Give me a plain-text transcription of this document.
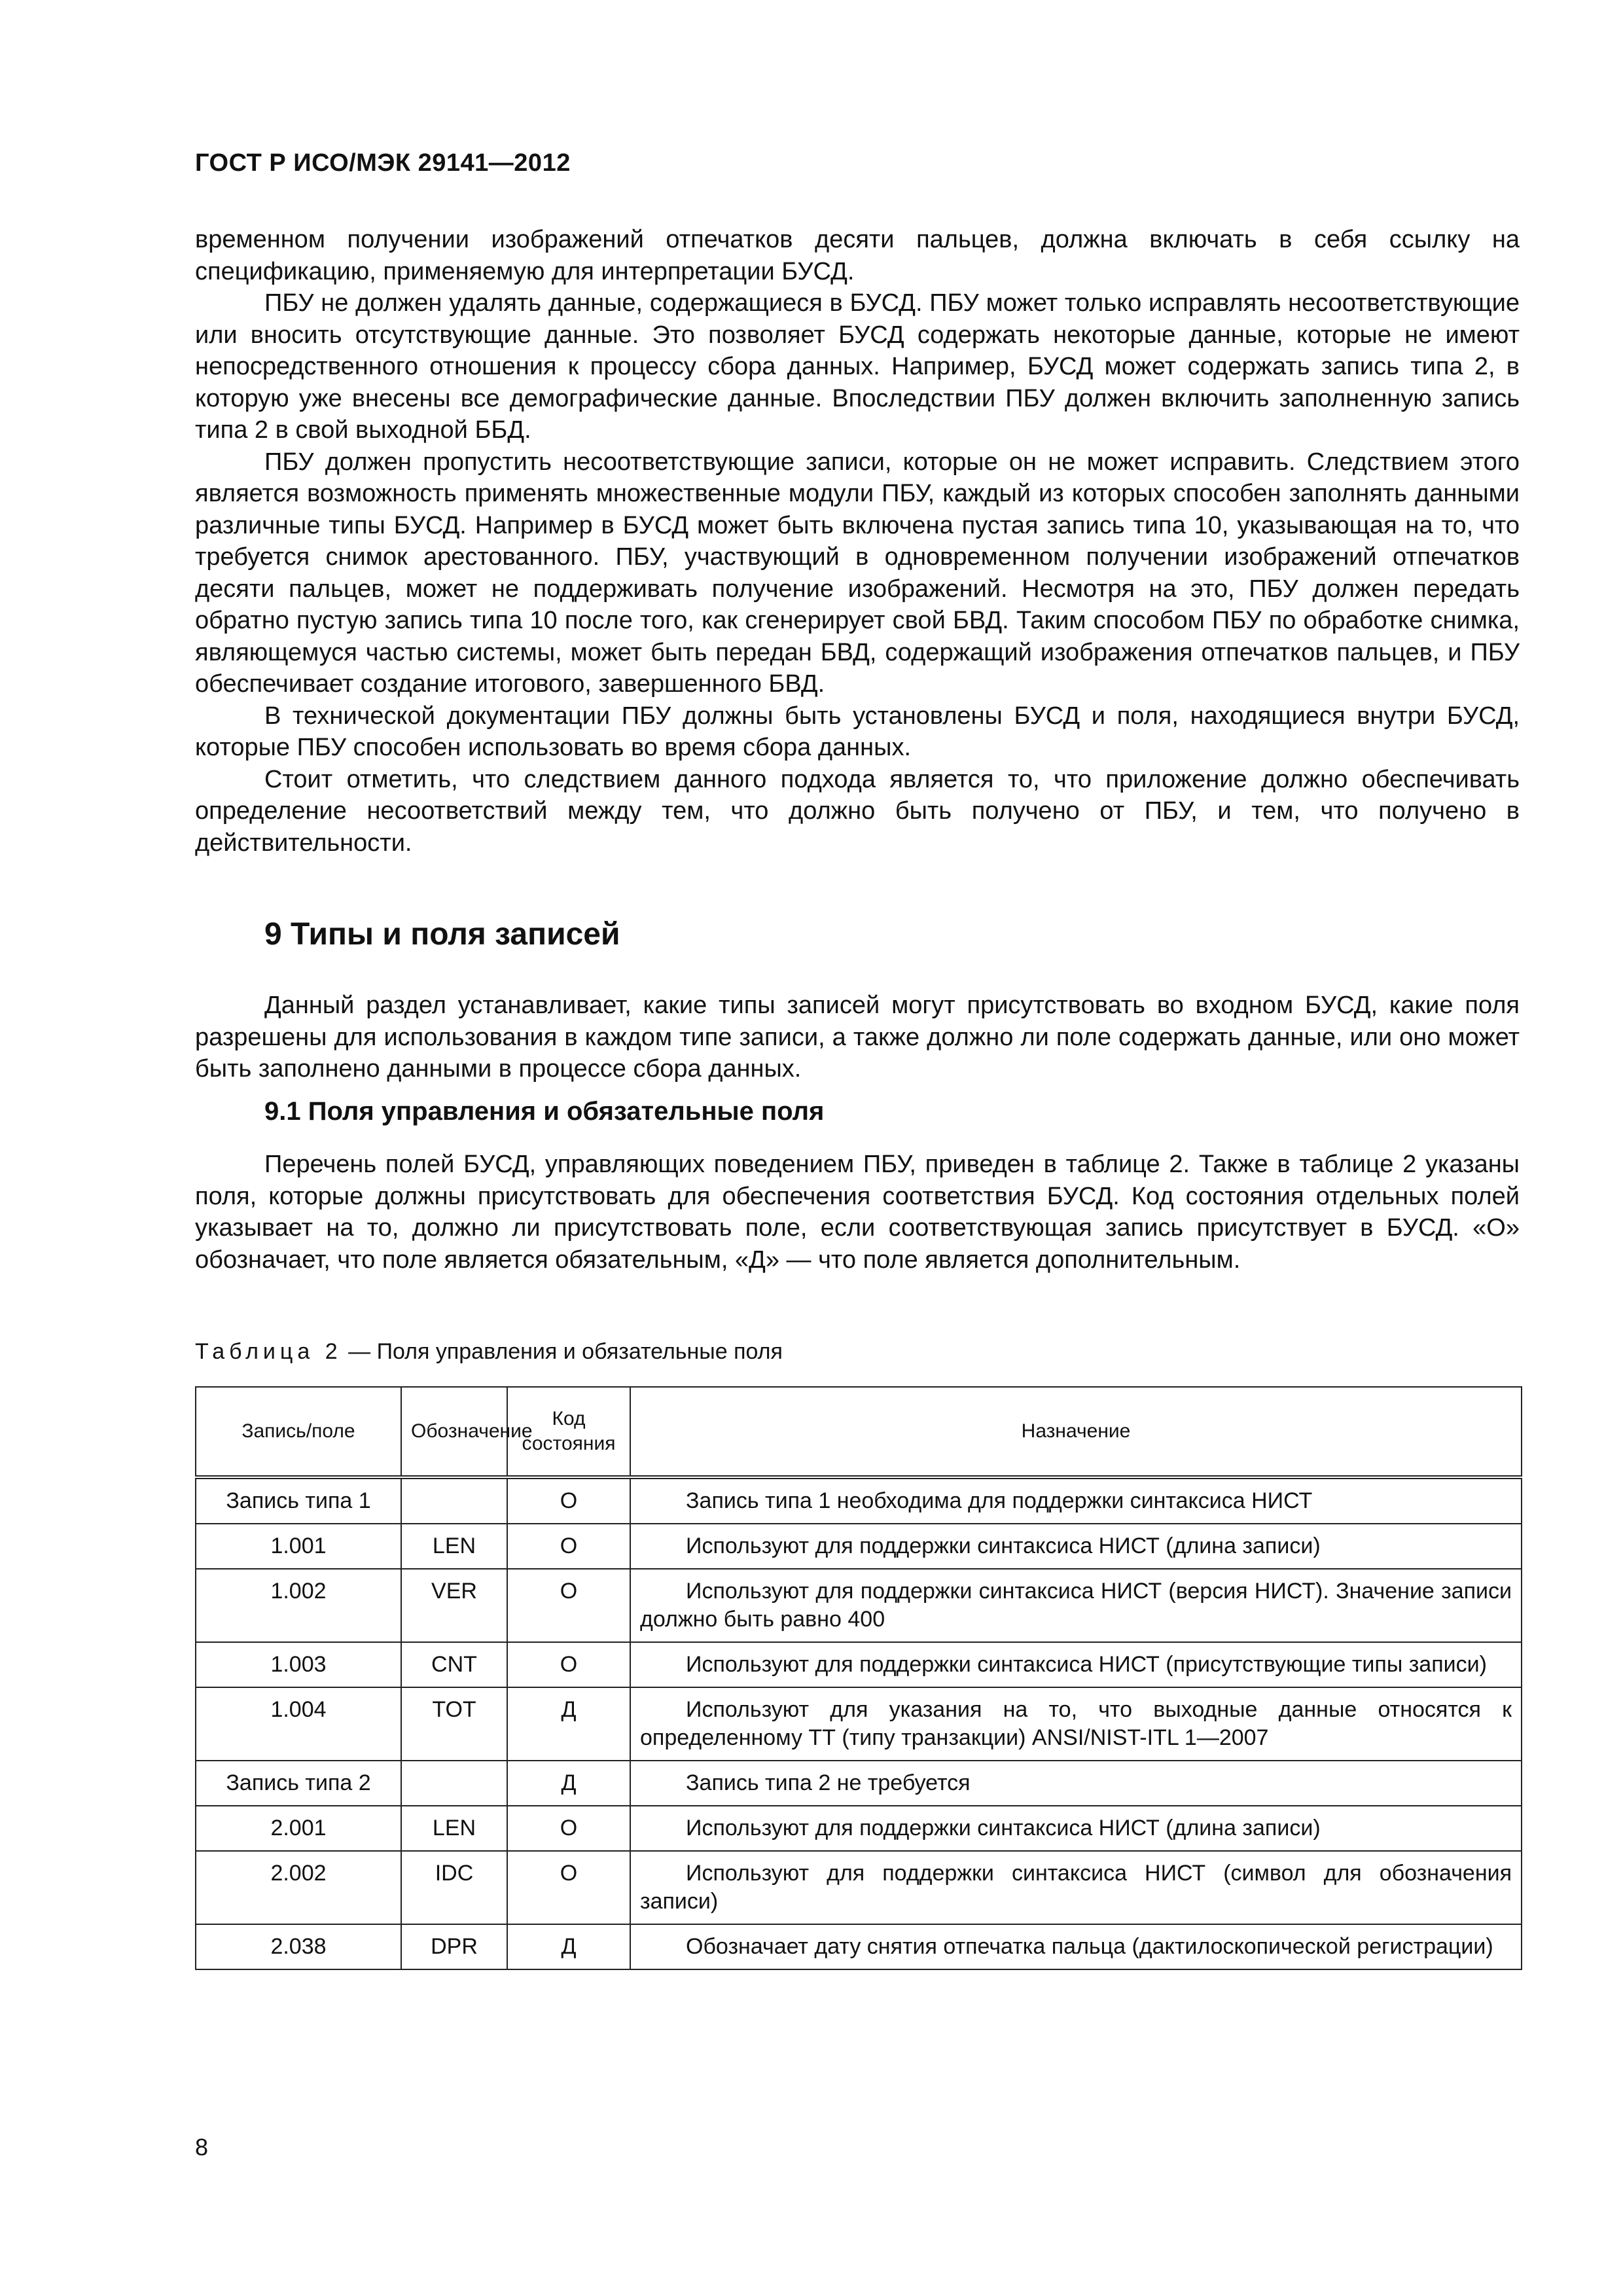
ГОСТ Р ИСО/МЭК 29141—2012

временном получении изображений отпечатков десяти пальцев, должна включать в себя ссылку на спецификацию, применяемую для интерпретации БУСД.

ПБУ не должен удалять данные, содержащиеся в БУСД. ПБУ может только исправлять несоответствующие или вносить отсутствующие данные. Это позволяет БУСД содержать некоторые данные, которые не имеют непосредственного отношения к процессу сбора данных. Например, БУСД может содержать запись типа 2, в которую уже внесены все демографические данные. Впоследствии ПБУ должен включить заполненную запись типа 2 в свой выходной ББД.

ПБУ должен пропустить несоответствующие записи, которые он не может исправить. Следствием этого является возможность применять множественные модули ПБУ, каждый из которых способен заполнять данными различные типы БУСД. Например в БУСД может быть включена пустая запись типа 10, указывающая на то, что требуется снимок арестованного. ПБУ, участвующий в одновременном получении изображений отпечатков десяти пальцев, может не поддерживать получение изображений. Несмотря на это, ПБУ должен передать обратно пустую запись типа 10 после того, как сгенерирует свой БВД. Таким способом ПБУ по обработке снимка, являющемуся частью системы, может быть передан БВД, содержащий изображения отпечатков пальцев, и ПБУ обеспечивает создание итогового, завершенного БВД.

В технической документации ПБУ должны быть установлены БУСД и поля, находящиеся внутри БУСД, которые ПБУ способен использовать во время сбора данных.

Стоит отметить, что следствием данного подхода является то, что приложение должно обеспечивать определение несоответствий между тем, что должно быть получено от ПБУ, и тем, что получено в действительности.

9 Типы и поля записей

Данный раздел устанавливает, какие типы записей могут присутствовать во входном БУСД, какие поля разрешены для использования в каждом типе записи, а также должно ли поле содержать данные, или оно может быть заполнено данными в процессе сбора данных.

9.1 Поля управления и обязательные поля

Перечень полей БУСД, управляющих поведением ПБУ, приведен в таблице 2. Также в таблице 2 указаны поля, которые должны присутствовать для обеспечения соответствия БУСД. Код состояния отдельных полей указывает на то, должно ли присутствовать поле, если соответствующая запись присутствует в БУСД. «О» обозначает, что поле является обязательным, «Д» — что поле является дополнительным.

Таблица 2 — Поля управления и обязательные поля
Запись/поле	Обозначение	Код состояния	Назначение
Запись типа 1		О	Запись типа 1 необходима для поддержки синтаксиса НИСТ

1.001	LEN	О	Используют для поддержки синтаксиса НИСТ (длина записи)

1.002	VER	О	Используют для поддержки синтаксиса НИСТ (версия НИСТ). Значение записи должно быть равно 400

1.003	CNT	О	Используют для поддержки синтаксиса НИСТ (присутствующие типы записи)

1.004	TOT	Д	Используют для указания на то, что выходные данные относятся к определенному ТТ (типу транзакции) ANSI/NIST-ITL 1—2007

Запись типа 2		Д	Запись типа 2 не требуется

2.001	LEN	О	Используют для поддержки синтаксиса НИСТ (длина записи)

2.002	IDC	О	Используют для поддержки синтаксиса НИСТ (символ для обозначения записи)

2.038	DPR	Д	Обозначает дату снятия отпечатка пальца (дактилоскопической регистрации)
8
